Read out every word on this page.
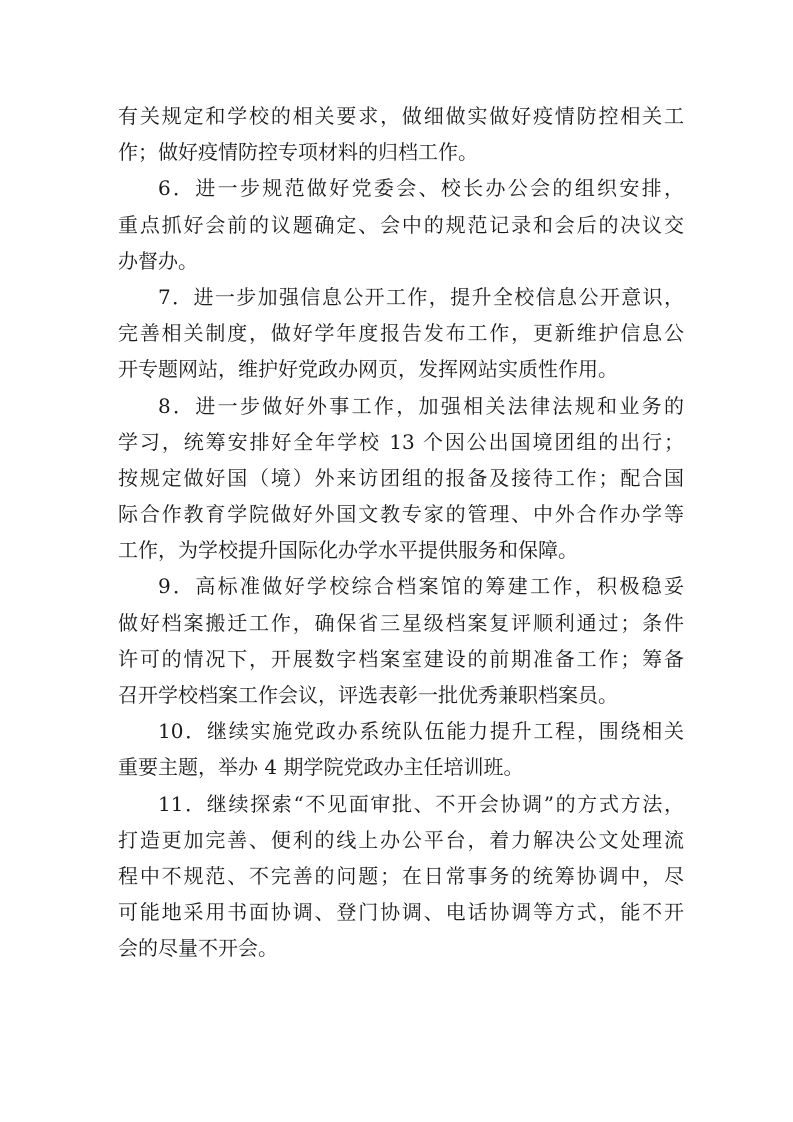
有关规定和学校的相关要求，做细做实做好疫情防控相关工
作；做好疫情防控专项材料的归档工作。
6．进一步规范做好党委会、校长办公会的组织安排，
重点抓好会前的议题确定、会中的规范记录和会后的决议交
办督办。
7．进一步加强信息公开工作，提升全校信息公开意识，
完善相关制度，做好学年度报告发布工作，更新维护信息公
开专题网站，维护好党政办网页，发挥网站实质性作用。
8．进一步做好外事工作，加强相关法律法规和业务的
学习，统筹安排好全年学校 13 个因公出国境团组的出行；
按规定做好国（境）外来访团组的报备及接待工作；配合国
际合作教育学院做好外国文教专家的管理、中外合作办学等
工作，为学校提升国际化办学水平提供服务和保障。
9．高标准做好学校综合档案馆的筹建工作，积极稳妥
做好档案搬迁工作，确保省三星级档案复评顺利通过；条件
许可的情况下，开展数字档案室建设的前期准备工作；筹备
召开学校档案工作会议，评选表彰一批优秀兼职档案员。
10．继续实施党政办系统队伍能力提升工程，围绕相关
重要主题，举办 4 期学院党政办主任培训班。
11．继续探索“不见面审批、不开会协调”的方式方法，
打造更加完善、便利的线上办公平台，着力解决公文处理流
程中不规范、不完善的问题；在日常事务的统筹协调中，尽
可能地采用书面协调、登门协调、电话协调等方式，能不开
会的尽量不开会。
